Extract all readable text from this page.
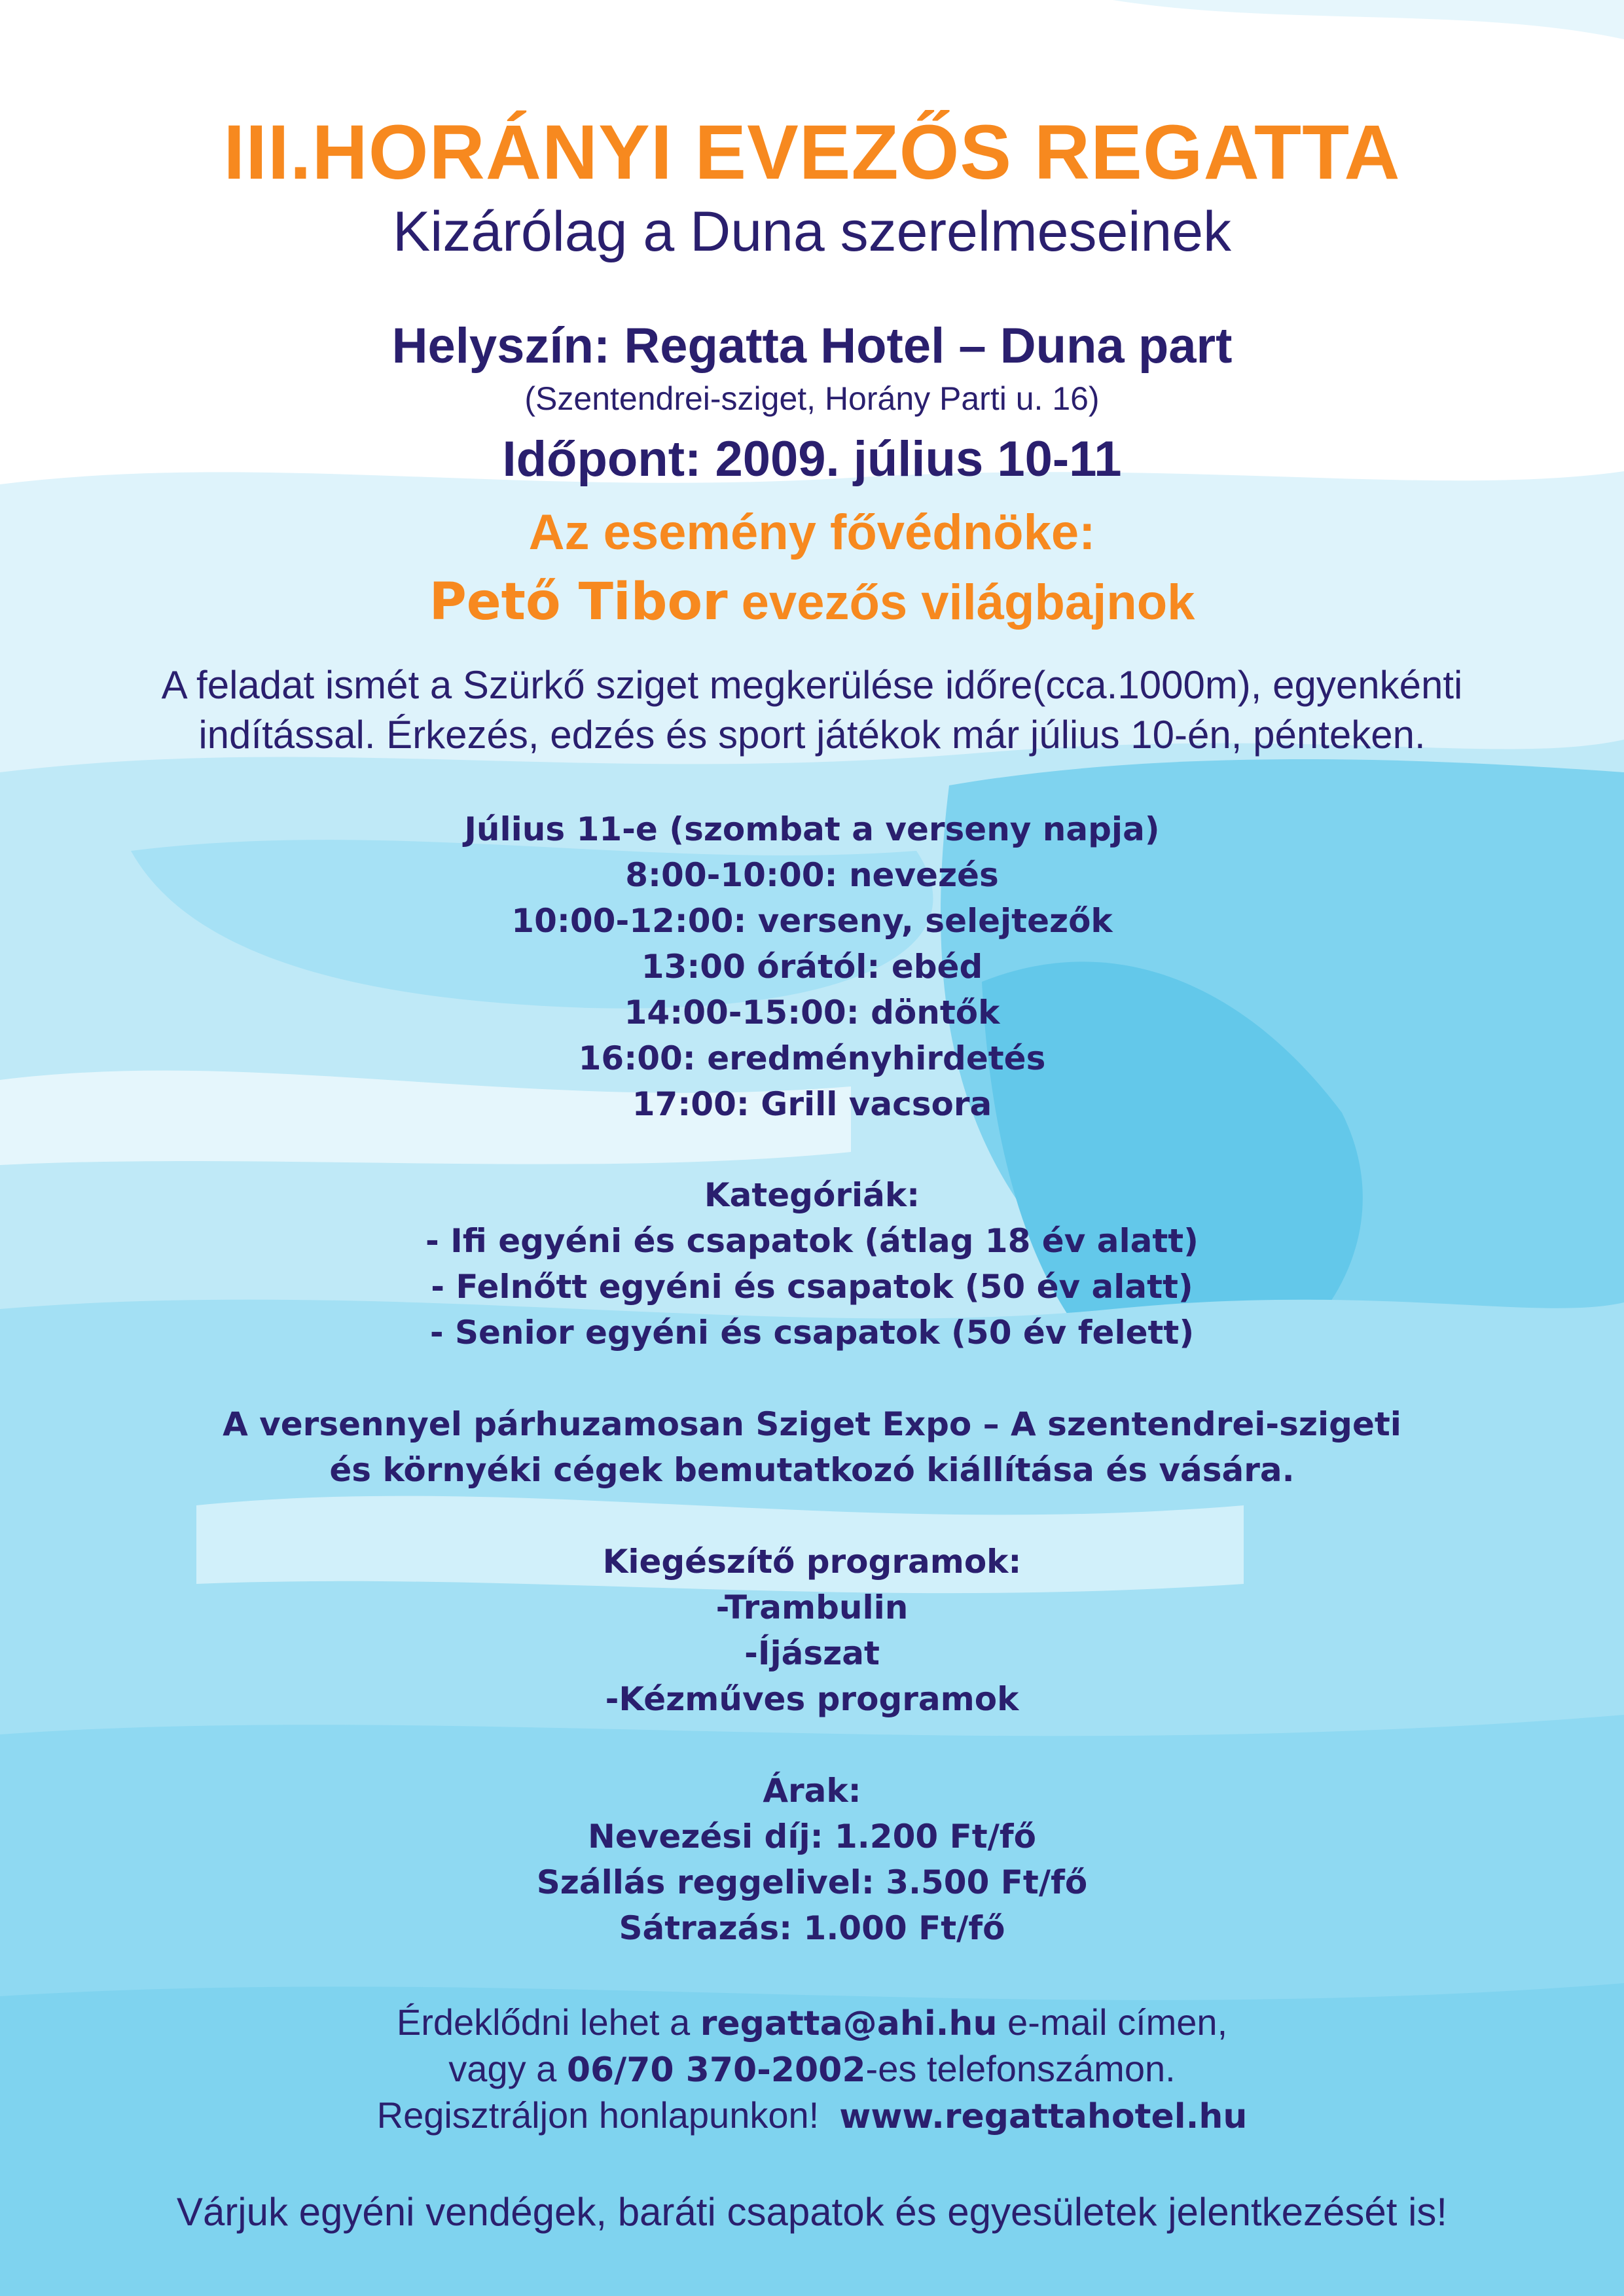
III.HORÁNYI EVEZŐS REGATTA
Kizárólag a Duna szerelmeseinek
Helyszín: Regatta Hotel – Duna part
(Szentendrei-sziget, Horány Parti u. 16)
Időpont: 2009. július 10-11
Az esemény fővédnöke:
Pető Tibor evezős világbajnok
A feladat ismét a Szürkő sziget megkerülése időre(cca.1000m), egyenkénti
indítással. Érkezés, edzés és sport játékok már július 10-én, pénteken.
Július 11-e (szombat a verseny napja)
8:00-10:00: nevezés
10:00-12:00: verseny, selejtezők
13:00 órától: ebéd
14:00-15:00: döntők
16:00: eredményhirdetés
17:00: Grill vacsora
Kategóriák:
- Ifi egyéni és csapatok (átlag 18 év alatt)
- Felnőtt egyéni és csapatok (50 év alatt)
- Senior egyéni és csapatok (50 év felett)
A versennyel párhuzamosan Sziget Expo – A szentendrei-szigeti
és környéki cégek bemutatkozó kiállítása és vására.
Kiegészítő programok:
-Trambulin
-Íjászat
-Kézműves programok
Árak:
Nevezési díj: 1.200 Ft/fő
Szállás reggelivel: 3.500 Ft/fő
Sátrazás: 1.000 Ft/fő
Érdeklődni lehet a regatta@ahi.hu e-mail címen,
vagy a 06/70 370-2002-es telefonszámon.
Regisztráljon honlapunkon!  www.regattahotel.hu
Várjuk egyéni vendégek, baráti csapatok és egyesületek jelentkezését is!
